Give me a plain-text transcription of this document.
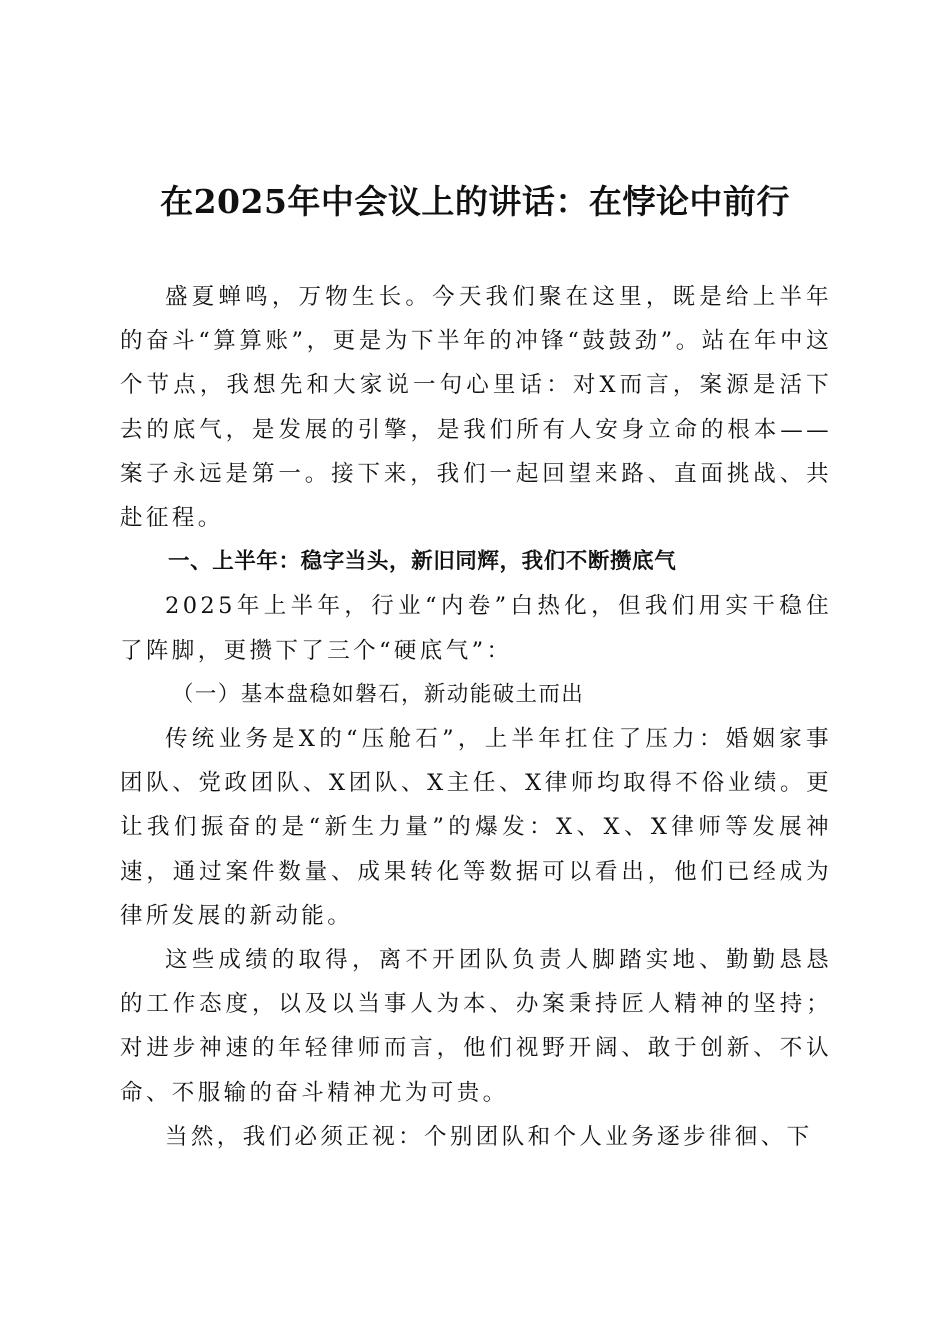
在2025年中会议上的讲话：在悖论中前行

盛夏蝉鸣，万物生长。今天我们聚在这里，既是给上半年的奋斗“算算账”，更是为下半年的冲锋“鼓鼓劲”。站在年中这个节点，我想先和大家说一句心里话：对X而言，案源是活下去的底气，是发展的引擎，是我们所有人安身立命的根本——案子永远是第一。接下来，我们一起回望来路、直面挑战、共赴征程。

一、上半年：稳字当头，新旧同辉，我们不断攒底气

2025年上半年，行业“内卷”白热化，但我们用实干稳住了阵脚，更攒下了三个“硬底气”：

（一）基本盘稳如磐石，新动能破土而出

传统业务是X的“压舱石”，上半年扛住了压力：婚姻家事团队、党政团队、X团队、X主任、X律师均取得不俗业绩。更让我们振奋的是“新生力量”的爆发：X、X、X律师等发展神速，通过案件数量、成果转化等数据可以看出，他们已经成为律所发展的新动能。

这些成绩的取得，离不开团队负责人脚踏实地、勤勤恳恳的工作态度，以及以当事人为本、办案秉持匠人精神的坚持；对进步神速的年轻律师而言，他们视野开阔、敢于创新、不认命、不服输的奋斗精神尤为可贵。

当然，我们必须正视：个别团队和个人业务逐步徘徊、下
